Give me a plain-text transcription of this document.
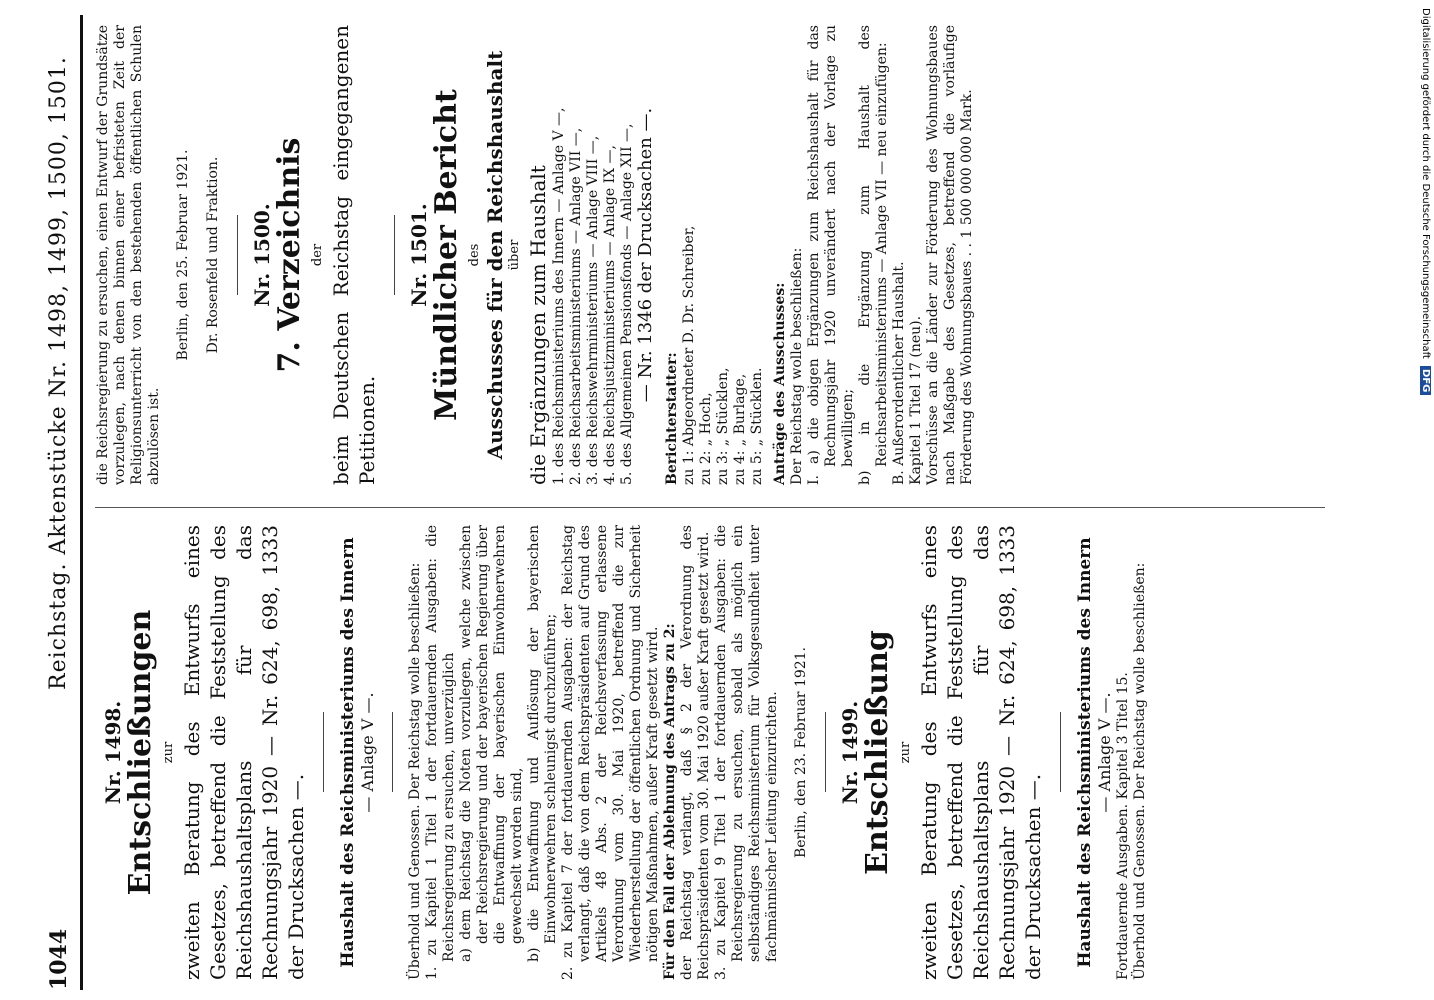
1044
Reichstag. Aktenstücke Nr. 1498, 1499, 1500, 1501.
Nr. 1498.
Entschließungen zur zweiten Beratung des Entwurfs eines Gesetzes, betreffend die Feststellung des Reichshaushaltsplans für das Rechnungsjahr 1920 — Nr. 624, 698, 1333 der Drucksachen —. Haushalt des Reichsministeriums des Innern — Anlage V —. Überhold und Genossen. Der Reichstag wolle beschließen: 1. zu Kapitel 1 Titel 1 der fortdauernden Ausgaben: die Reichsregierung zu ersuchen, unverzüglich a) dem Reichstag die Noten vorzulegen, welche zwischen der Reichsregierung und der bayerischen Regierung über die Entwaffnung der bayerischen Einwohnerwehren gewechselt worden sind, b) die Entwaffnung und Auflösung der bayerischen Einwohnerwehren schleunigst durchzuführen; 2. zu Kapitel 7 der fortdauernden Ausgaben: der Reichstag verlangt, daß die von dem Reichspräsidenten auf Grund des Artikels 48 Abs. 2 der Reichsverfassung erlassene Verordnung vom 30. Mai 1920, betreffend die zur Wiederherstellung der öffentlichen Ordnung und Sicherheit nötigen Maßnahmen, außer Kraft gesetzt wird. Für den Fall der Ablehnung des Antrags zu 2: der Reichstag verlangt, daß § 2 der Verordnung des Reichspräsidenten vom 30. Mai 1920 außer Kraft gesetzt wird. 3. zu Kapitel 9 Titel 1 der fortdauernden Ausgaben: die Reichsregierung zu ersuchen, sobald als möglich ein selbständiges Reichsministerium für Volksgesundheit unter fachmännischer Leitung einzurichten. Berlin, den 23. Februar 1921. Nr. 1499.
Entschließung zur zweiten Beratung des Entwurfs eines Gesetzes, betreffend die Feststellung des Reichshaushaltsplans für das Rechnungsjahr 1920 — Nr. 624, 698, 1333 der Drucksachen —. Haushalt des Reichsministeriums des Innern — Anlage V —. Fortdauernde Ausgaben. Kapitel 3 Titel 15. Überhold und Genossen. Der Reichstag wolle beschließen:
die Reichsregierung zu ersuchen, einen Entwurf der Grundsätze vorzulegen, nach denen binnen einer befristeten Zeit der Religionsunterricht von den bestehenden öffentlichen Schulen abzulösen ist.
Berlin, den 25. Februar 1921. Dr. Rosenfeld und Fraktion. Nr. 1500.
7. Verzeichnis der beim Deutschen Reichstag eingegangenen Petitionen.
Nr. 1501.
Mündlicher Bericht des Ausschusses für den Reichshaushalt über die Ergänzungen zum Haushalt 1. des Reichsministeriums des Innern — Anlage V —, 2. des Reichsarbeitsministeriums — Anlage VII —, 3. des Reichswehrministeriums — Anlage VIII —, 4. des Reichsjustizministeriums — Anlage IX —, 5. des Allgemeinen Pensionsfonds — Anlage XII —, — Nr. 1346 der Drucksachen —.
Berichterstatter: zu 1: Abgeordneter D. Dr. Schreiber, zu 2: „ Hoch, zu 3: „ Stücklen, zu 4: „ Burlage, zu 5: „ Stücklen. Anträge des Ausschusses: Der Reichstag wolle beschließen: I. a) die obigen Ergänzungen zum Reichshaushalt für das Rechnungsjahr 1920 unverändert nach der Vorlage zu bewilligen; b) in die Ergänzung zum Haushalt des Reichsarbeitsministeriums — Anlage VII — neu einzufügen: B. Außerordentlicher Haushalt. Kapitel 1 Titel 17 (neu). Vorschüsse an die Länder zur Förderung des Wohnungsbaues nach Maßgabe des Gesetzes, betreffend die vorläufige Förderung des Wohnungsbaues . . 1 500 000 000 Mark.	Digitalisierung gefördert durch die Deutsche Forschungsgemeinschaft DFG
